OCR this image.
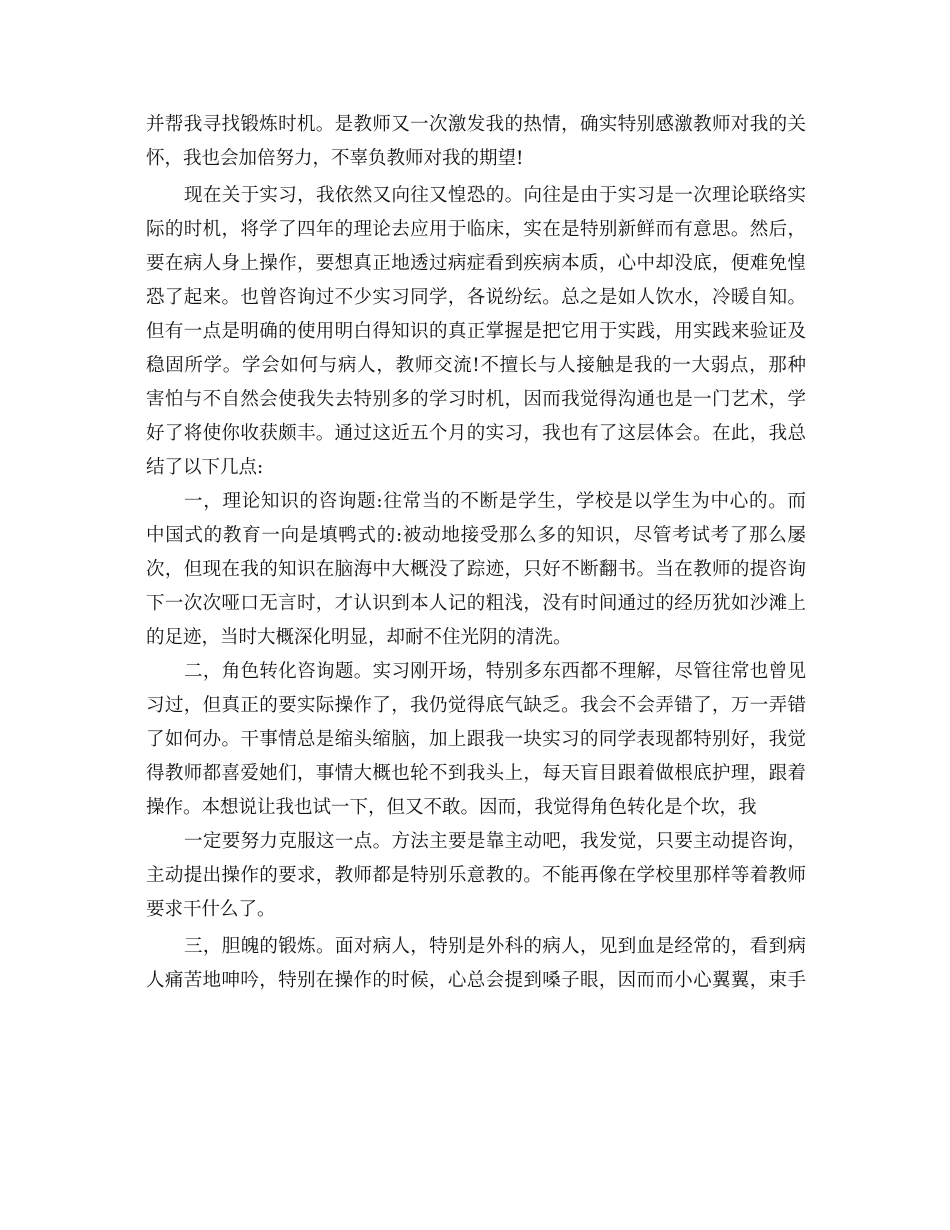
并帮我寻找锻炼时机。是教师又一次激发我的热情，确实特别感激教师对我的关
怀，我也会加倍努力，不辜负教师对我的期望!
现在关于实习，我依然又向往又惶恐的。向往是由于实习是一次理论联络实
际的时机，将学了四年的理论去应用于临床，实在是特别新鲜而有意思。然后，
要在病人身上操作，要想真正地透过病症看到疾病本质，心中却没底，便难免惶
恐了起来。也曾咨询过不少实习同学，各说纷纭。总之是如人饮水，冷暖自知。
但有一点是明确的使用明白得知识的真正掌握是把它用于实践，用实践来验证及
稳固所学。学会如何与病人，教师交流!不擅长与人接触是我的一大弱点，那种
害怕与不自然会使我失去特别多的学习时机，因而我觉得沟通也是一门艺术，学
好了将使你收获颇丰。通过这近五个月的实习，我也有了这层体会。在此，我总
结了以下几点:
一，理论知识的咨询题:往常当的不断是学生，学校是以学生为中心的。而
中国式的教育一向是填鸭式的:被动地接受那么多的知识，尽管考试考了那么屡
次，但现在我的知识在脑海中大概没了踪迹，只好不断翻书。当在教师的提咨询
下一次次哑口无言时，才认识到本人记的粗浅，没有时间通过的经历犹如沙滩上
的足迹，当时大概深化明显，却耐不住光阴的清洗。
二，角色转化咨询题。实习刚开场，特别多东西都不理解，尽管往常也曾见
习过，但真正的要实际操作了，我仍觉得底气缺乏。我会不会弄错了，万一弄错
了如何办。干事情总是缩头缩脑，加上跟我一块实习的同学表现都特别好，我觉
得教师都喜爱她们，事情大概也轮不到我头上，每天盲目跟着做根底护理，跟着
操作。本想说让我也试一下，但又不敢。因而，我觉得角色转化是个坎，我
一定要努力克服这一点。方法主要是靠主动吧，我发觉，只要主动提咨询，
主动提出操作的要求，教师都是特别乐意教的。不能再像在学校里那样等着教师
要求干什么了。
三，胆魄的锻炼。面对病人，特别是外科的病人，见到血是经常的，看到病
人痛苦地呻吟，特别在操作的时候，心总会提到嗓子眼，因而而小心翼翼，束手
